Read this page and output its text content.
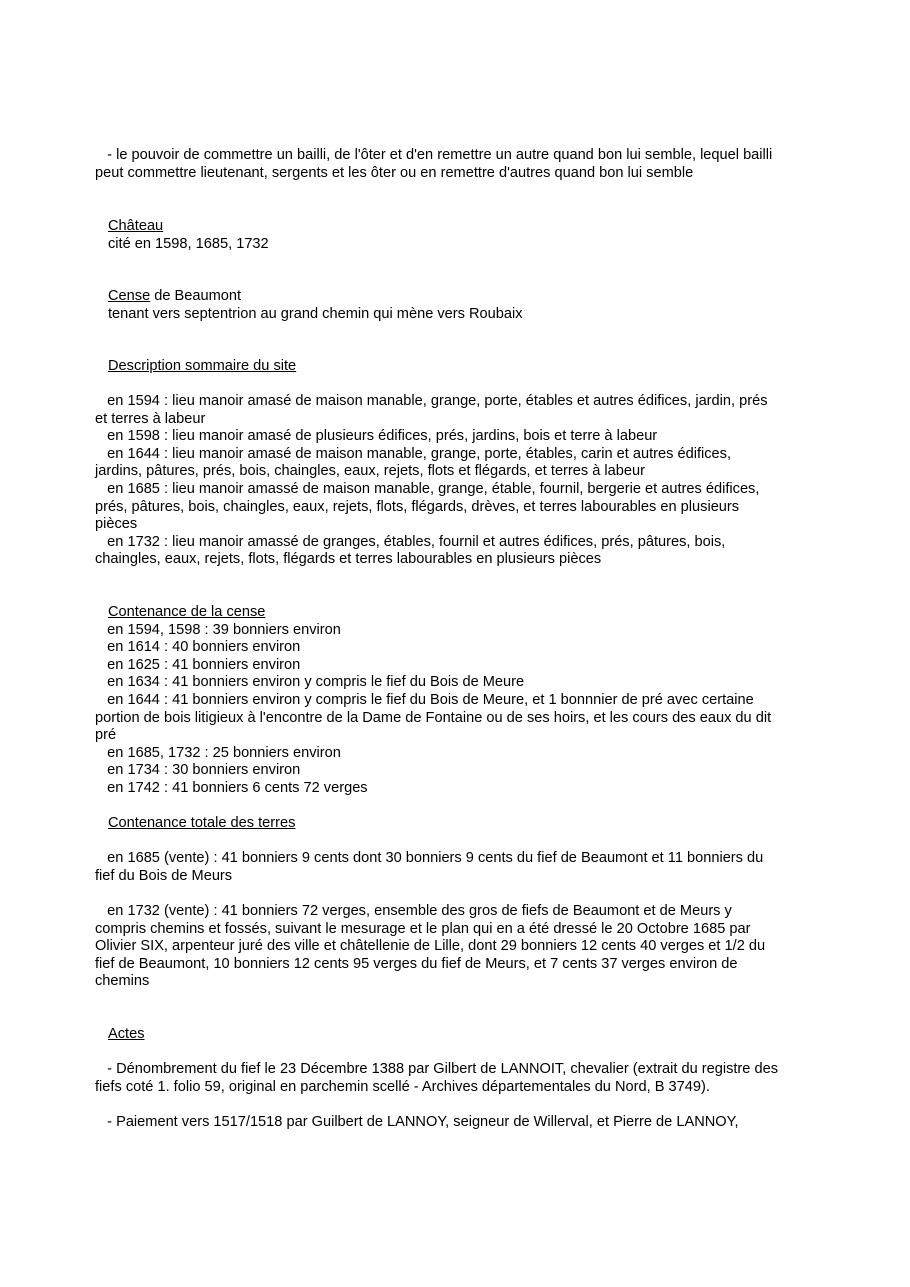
- le pouvoir de commettre un bailli, de l'ôter et d'en remettre un autre quand bon lui semble, lequel bailli

peut commettre lieutenant, sergents et les ôter ou en remettre d'autres quand bon lui semble

Château

cité en 1598, 1685, 1732

Cense de Beaumont

tenant vers septentrion au grand chemin qui mène vers Roubaix

Description sommaire du site

en 1594 : lieu manoir amasé de maison manable, grange, porte, étables et autres édifices, jardin, prés

et terres à labeur

en 1598 : lieu manoir amasé de plusieurs édifices, prés, jardins, bois et terre à labeur

en 1644 : lieu manoir amasé de maison manable, grange, porte, étables, carin et autres édifices,

jardins, pâtures, prés, bois, chaingles, eaux, rejets, flots et flégards, et terres à labeur

en 1685 : lieu manoir amassé de maison manable, grange, étable, fournil, bergerie et autres édifices,

prés, pâtures, bois, chaingles, eaux, rejets, flots, flégards, drèves, et terres labourables en plusieurs

pièces

en 1732 : lieu manoir amassé de granges, étables, fournil et autres édifices, prés, pâtures, bois,

chaingles, eaux, rejets, flots, flégards et terres labourables en plusieurs pièces

Contenance de la cense

en 1594, 1598 : 39 bonniers environ

en 1614 : 40 bonniers environ

en 1625 : 41 bonniers environ

en 1634 : 41 bonniers environ y compris le fief du Bois de Meure

en 1644 : 41 bonniers environ y compris le fief du Bois de Meure, et 1 bonnnier de pré avec certaine

portion de bois litigieux à l'encontre de la Dame de Fontaine ou de ses hoirs, et les cours des eaux du dit

pré

en 1685, 1732 : 25 bonniers environ

en 1734 : 30 bonniers environ

en 1742 : 41 bonniers 6 cents 72 verges

Contenance totale des terres

en 1685 (vente) : 41 bonniers 9 cents dont 30 bonniers 9 cents du fief de Beaumont et 11 bonniers du

fief du Bois de Meurs

en 1732 (vente) : 41 bonniers 72 verges, ensemble des gros de fiefs de Beaumont et de Meurs y

compris chemins et fossés, suivant le mesurage et le plan qui en a été dressé le 20 Octobre 1685 par

Olivier SIX, arpenteur juré des ville et châtellenie de Lille, dont 29 bonniers 12 cents 40 verges et 1/2 du

fief de Beaumont, 10 bonniers 12 cents 95 verges du fief de Meurs, et 7 cents 37 verges environ de

chemins

Actes

- Dénombrement du fief le 23 Décembre 1388 par Gilbert de LANNOIT, chevalier (extrait du registre des

fiefs coté 1. folio 59, original en parchemin scellé - Archives départementales du Nord, B 3749).

- Paiement vers 1517/1518 par Guilbert de LANNOY, seigneur de Willerval, et Pierre de LANNOY,
